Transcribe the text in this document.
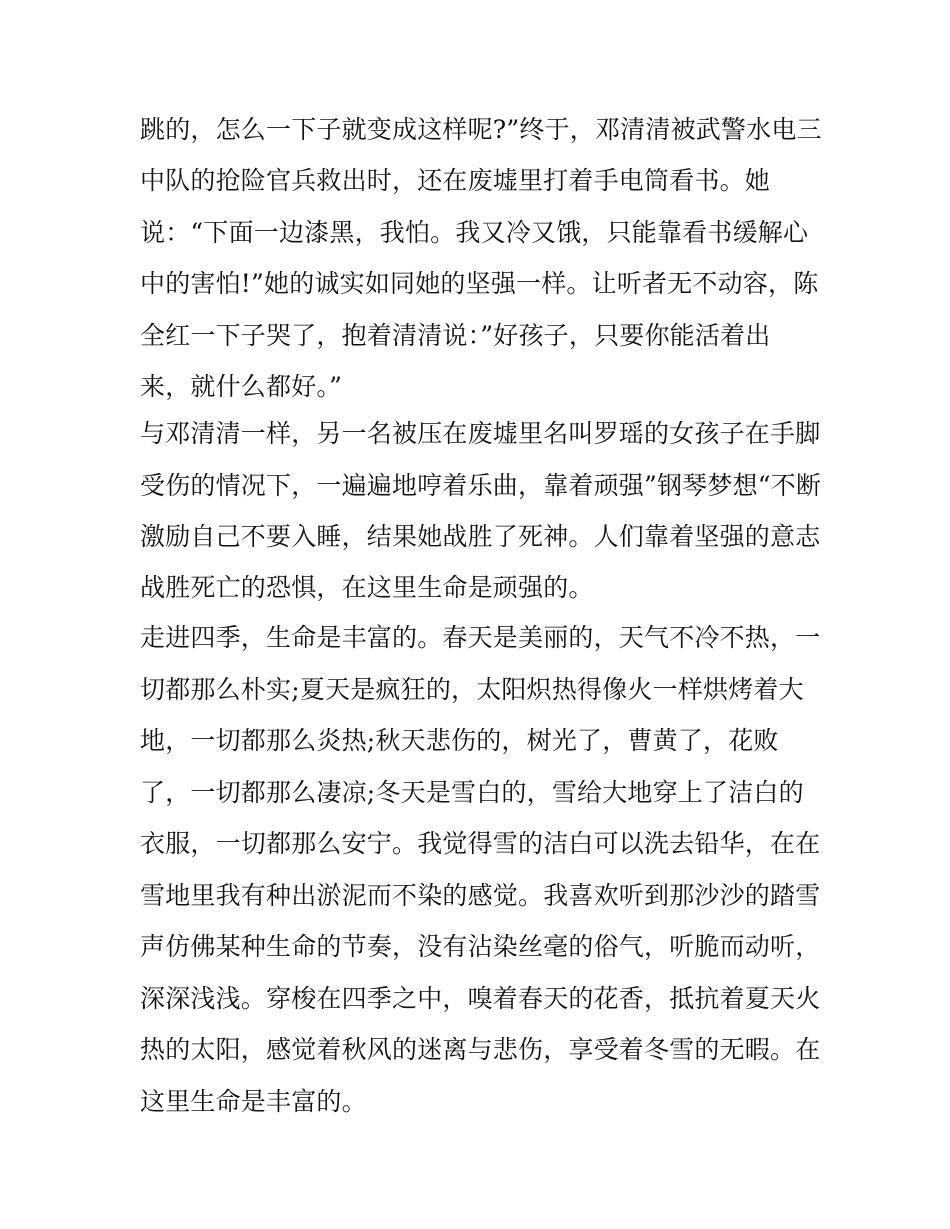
跳的，怎么一下子就变成这样呢?”终于，邓清清被武警水电三
中队的抢险官兵救出时，还在废墟里打着手电筒看书。她
说：“下面一边漆黑，我怕。我又冷又饿，只能靠看书缓解心
中的害怕!”她的诚实如同她的坚强一样。让听者无不动容，陈
全红一下子哭了，抱着清清说：”好孩子，只要你能活着出
来，就什么都好。”
与邓清清一样，另一名被压在废墟里名叫罗瑶的女孩子在手脚
受伤的情况下，一遍遍地哼着乐曲，靠着顽强”钢琴梦想“不断
激励自己不要入睡，结果她战胜了死神。人们靠着坚强的意志
战胜死亡的恐惧，在这里生命是顽强的。
走进四季，生命是丰富的。春天是美丽的，天气不冷不热，一
切都那么朴实;夏天是疯狂的，太阳炽热得像火一样烘烤着大
地，一切都那么炎热;秋天悲伤的，树光了，曹黄了，花败
了，一切都那么凄凉;冬天是雪白的，雪给大地穿上了洁白的
衣服，一切都那么安宁。我觉得雪的洁白可以洗去铅华，在在
雪地里我有种出淤泥而不染的感觉。我喜欢听到那沙沙的踏雪
声仿佛某种生命的节奏，没有沾染丝毫的俗气，听脆而动听，
深深浅浅。穿梭在四季之中，嗅着春天的花香，抵抗着夏天火
热的太阳，感觉着秋风的迷离与悲伤，享受着冬雪的无暇。在
这里生命是丰富的。
